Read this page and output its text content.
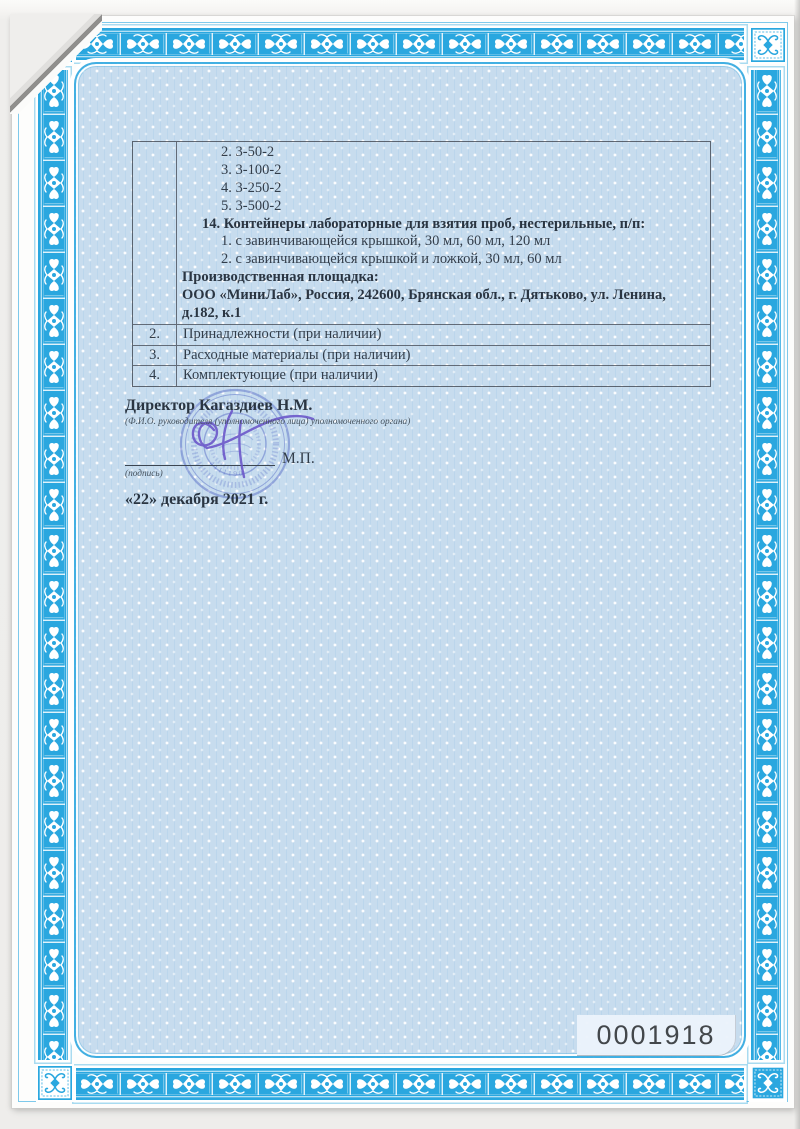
2. 3-50-2
3. 3-100-2
4. 3-250-2
5. 3-500-2
14. Контейнеры лабораторные для взятия проб, нестерильные, п/п:
1. с завинчивающейся крышкой, 30 мл, 60 мл, 120 мл
2. с завинчивающейся крышкой и ложкой, 30 мл, 60 мл
Производственная площадка:
ООО «МиниЛаб», Россия, 242600, Брянская обл., г. Дятьково, ул. Ленина,
д.182, к.1
2.	Принадлежности (при наличии)
3.	Расходные материалы (при наличии)
4.	Комплектующие (при наличии)
Директор Кагаздиев Н.М.
(Ф.И.О. руководителя (уполномоченного лица) уполномоченного органа)
4111190
М.П.
(подпись)
«22» декабря 2021 г.
0001918
